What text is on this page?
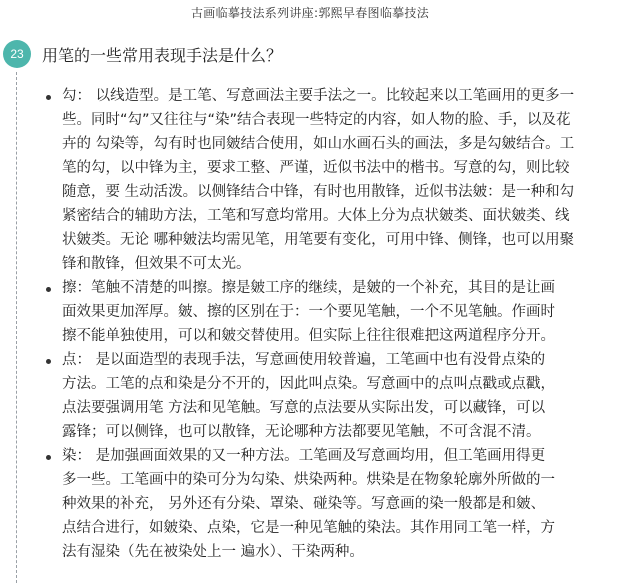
古画临摹技法系列讲座:郭熙早春图临摹技法
23	用笔的一些常用表现手法是什么？
勾： 以线造型。是工笔、写意画法主要手法之一。比较起来以工笔画用的更多一
些。同时“勾”又往往与“染”结合表现一些特定的内容，如人物的脸、手，以及花
卉的 勾染等，勾有时也同皴结合使用，如山水画石头的画法，多是勾皴结合。工
笔的勾，以中锋为主，要求工整、严谨，近似书法中的楷书。写意的勾，则比较
随意，要 生动活泼。以侧锋结合中锋，有时也用散锋，近似书法皴：是一种和勾
紧密结合的辅助方法，工笔和写意均常用。大体上分为点状皴类、面状皴类、线
状皴类。无论 哪种皴法均需见笔，用笔要有变化，可用中锋、侧锋，也可以用聚
锋和散锋，但效果不可太光。
擦：笔触不清楚的叫擦。擦是皴工序的继续，是皴的一个补充，其目的是让画
面效果更加浑厚。皴、擦的区别在于：一个要见笔触，一个不见笔触。作画时
擦不能单独使用，可以和皴交替使用。但实际上往往很难把这两道程序分开。
点： 是以面造型的表现手法，写意画使用较普遍，工笔画中也有没骨点染的
方法。工笔的点和染是分不开的，因此叫点染。写意画中的点叫点戳或点戳，
点法要强调用笔 方法和见笔触。写意的点法要从实际出发，可以藏锋，可以
露锋；可以侧锋，也可以散锋，无论哪种方法都要见笔触，不可含混不清。
染： 是加强画面效果的又一种方法。工笔画及写意画均用，但工笔画用得更
多一些。工笔画中的染可分为勾染、烘染两种。烘染是在物象轮廓外所做的一
种效果的补充， 另外还有分染、罩染、碰染等。写意画的染一般都是和皴、
点结合进行，如皴染、点染，它是一种见笔触的染法。其作用同工笔一样，方
法有湿染（先在被染处上一 遍水）、干染两种。
